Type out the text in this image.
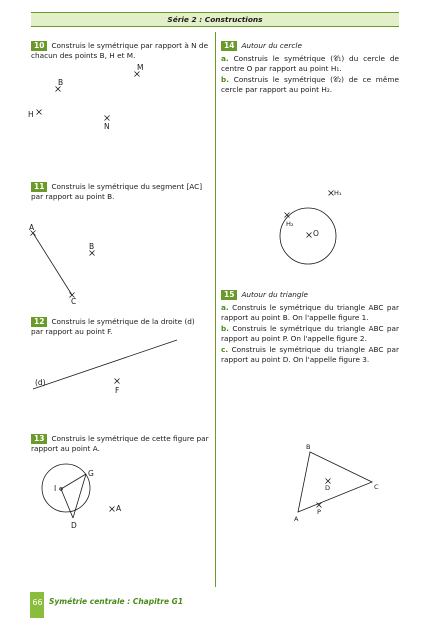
Série 2 : Constructions
10 Construis le symétrique par rapport à N de chacun des points B, H et M.
11 Construis le symétrique du segment [AC] par rapport au point B.
12 Construis le symétrique de la droite (d) par rapport au point F.
13 Construis le symétrique de cette figure par rapport au point A.
14 Autour du cercle
a. Construis le symétrique (𝒞₁) du cercle de centre O par rapport au point H₁.
b. Construis le symétrique (𝒞₂) de ce même cercle par rapport au point H₂.
15 Autour du triangle
a. Construis le symétrique du triangle ABC par rapport au point B. On l'appelle figure 1.
b. Construis le symétrique du triangle ABC par rapport au point P. On l'appelle figure 2.
c. Construis le symétrique du triangle ABC par rapport au point D. On l'appelle figure 3.
M
B
H
N
A
B
C
(d)
F
G
I
D
A
H₁
H₂
O
B
C
D
A
P
66 Symétrie centrale : Chapitre G1
